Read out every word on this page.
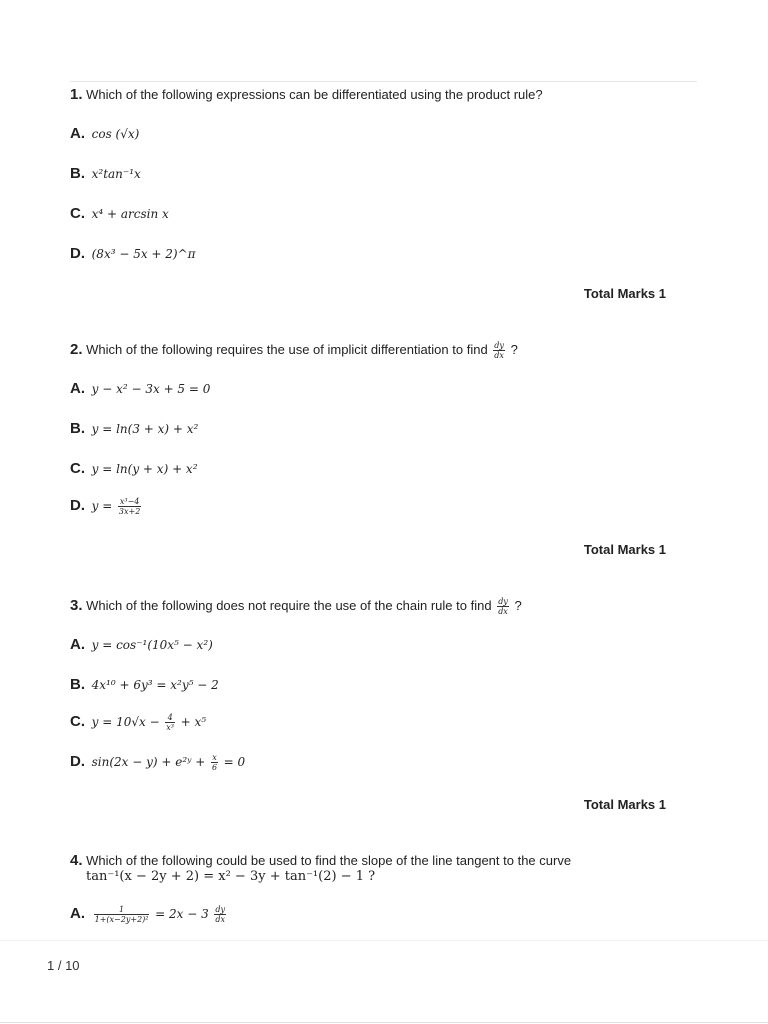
1. Which of the following expressions can be differentiated using the product rule?
A. cos (√x)
B. x²tan⁻¹x
C. x⁴ + arcsin x
D. (8x³ − 5x + 2)^π
Total Marks 1
2. Which of the following requires the use of implicit differentiation to find $\frac{dy}{dx}$ ?
A. y − x² − 3x + 5 = 0
B. y = ln(3 + x) + x²
C. y = ln(y + x) + x²
D. $y = \frac{\text{x³−4}}{3x+2}$
Total Marks 1
3. Which of the following does not require the use of the chain rule to find $\frac{dy}{dx}$ ?
A. y = cos⁻¹(10x⁵ − x²)
B. 4x¹⁰ + 6y³ = x²y⁵ − 2
C. $y = 10√x - \frac{4}{\text{x³}} + x^5$
D. sin(2x − y) + e²ʸ + $\frac{x}{6} = 0$
Total Marks 1
4. Which of the following could be used to find the slope of the line tangent to the curve
tan⁻¹(x − 2y + 2) = x² − 3y + tan⁻¹(2) − 1 ?
A. $\frac{1}{\text{1+(x−2y+2)²}} = 2x - 3 \frac{dy}{dx}$
1 / 10
